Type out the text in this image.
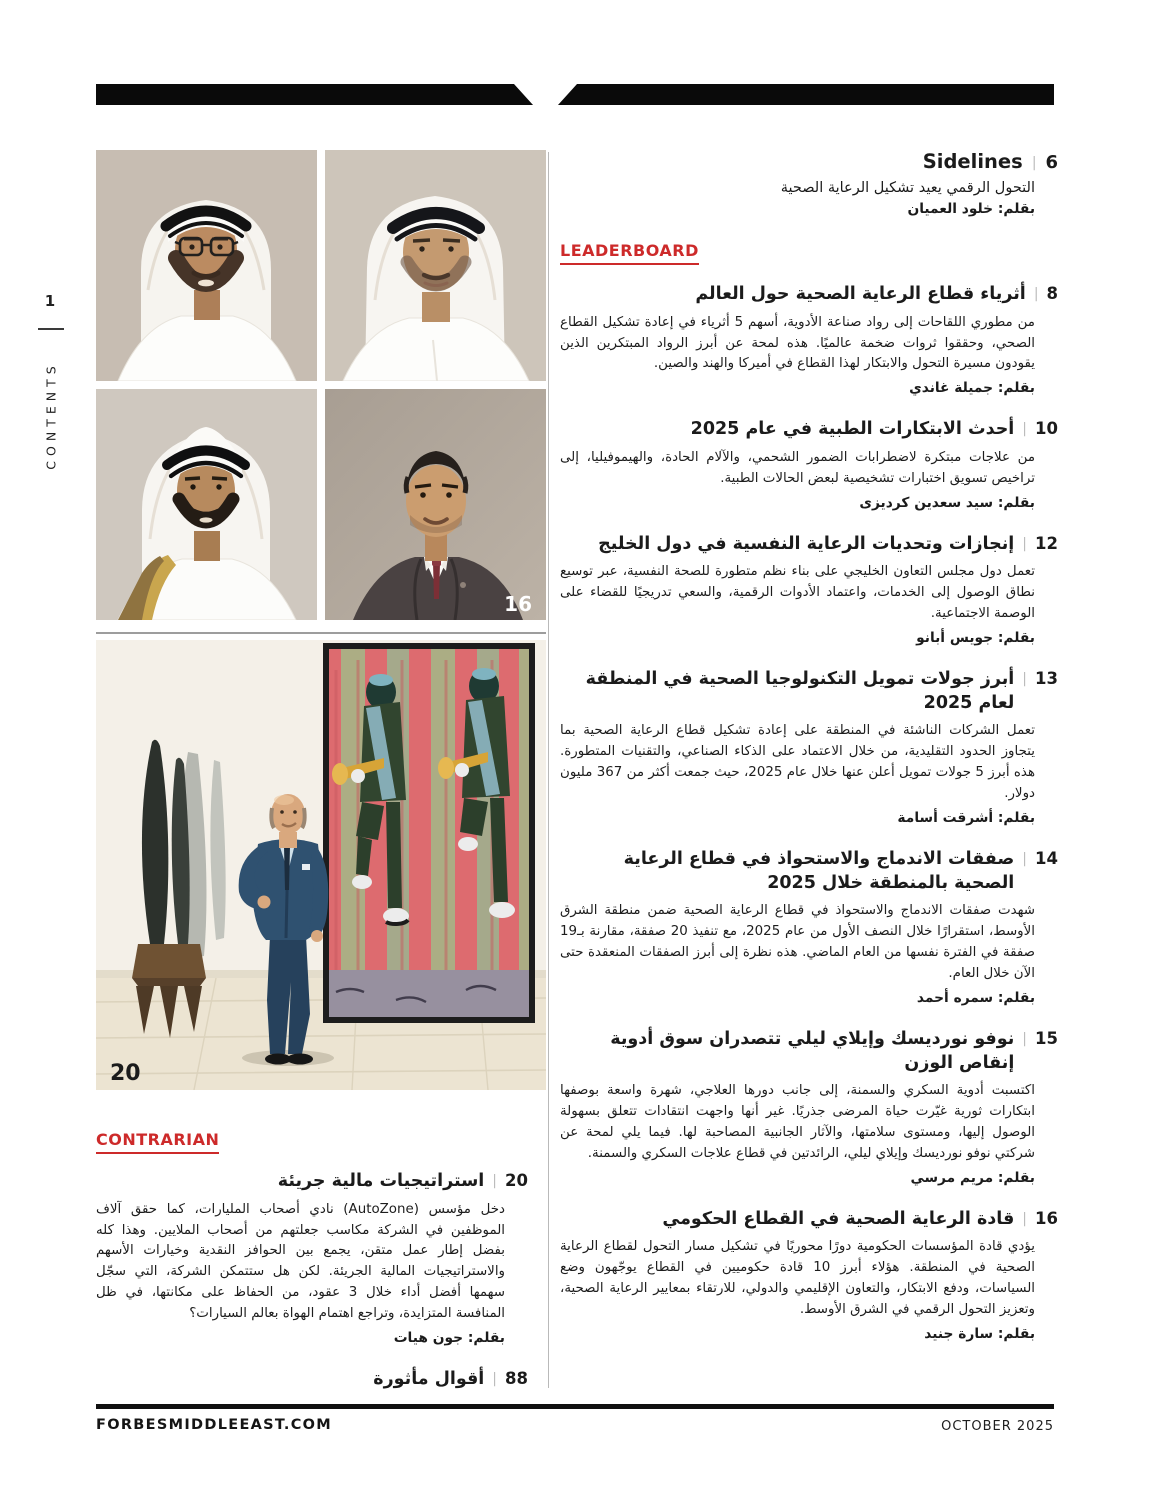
1
CONTENTS
16
20
CONTRARIAN
20
|
استراتيجيات مالية جريئة

دخل مؤسس (AutoZone) نادي أصحاب المليارات، كما حقق آلاف الموظفين في الشركة مكاسب جعلتهم من أصحاب الملايين. وهذا كله بفضل إطار عمل متقن، يجمع بين الحوافز النقدية وخيارات الأسهم والاستراتيجيات المالية الجريئة. لكن هل ستتمكن الشركة، التي سجّل سهمها أفضل أداء خلال 3 عقود، من الحفاظ على مكانتها، في ظل المنافسة المتزايدة، وتراجع اهتمام الهواة بعالم السيارات؟

بقلم: جون هيات

88
|
أقوال مأثورة
6
|
Sidelines

التحول الرقمي يعيد تشكيل الرعاية الصحية

بقلم: خلود العميان

LEADERBOARD
8
|
أثرياء قطاع الرعاية الصحية حول العالم

من مطوري اللقاحات إلى رواد صناعة الأدوية، أسهم 5 أثرياء في إعادة تشكيل القطاع الصحي، وحققوا ثروات ضخمة عالميًا. هذه لمحة عن أبرز الرواد المبتكرين الذين يقودون مسيرة التحول والابتكار لهذا القطاع في أميركا والهند والصين.

بقلم: جميلة غاندي

10
|
أحدث الابتكارات الطبية في عام 2025

من علاجات مبتكرة لاضطرابات الضمور الشحمي، والآلام الحادة، والهيموفيليا، إلى تراخيص تسويق اختبارات تشخيصية لبعض الحالات الطبية.

بقلم: سيد سعدين كرديزى

12
|
إنجازات وتحديات الرعاية النفسية في دول الخليج

تعمل دول مجلس التعاون الخليجي على بناء نظم متطورة للصحة النفسية، عبر توسيع نطاق الوصول إلى الخدمات، واعتماد الأدوات الرقمية، والسعي تدريجيًا للقضاء على الوصمة الاجتماعية.

بقلم: جويس أبانو

13
|
أبرز جولات تمويل التكنولوجيا الصحية في المنطقة لعام 2025

تعمل الشركات الناشئة في المنطقة على إعادة تشكيل قطاع الرعاية الصحية بما يتجاوز الحدود التقليدية، من خلال الاعتماد على الذكاء الصناعي، والتقنيات المتطورة. هذه أبرز 5 جولات تمويل أعلن عنها خلال عام 2025، حيث جمعت أكثر من 367 مليون دولار.

بقلم: أشرقت أسامة

14
|
صفقات الاندماج والاستحواذ في قطاع الرعاية الصحية بالمنطقة خلال 2025

شهدت صفقات الاندماج والاستحواذ في قطاع الرعاية الصحية ضمن منطقة الشرق الأوسط، استقرارًا خلال النصف الأول من عام 2025، مع تنفيذ 20 صفقة، مقارنة بـ19 صفقة في الفترة نفسها من العام الماضي. هذه نظرة إلى أبرز الصفقات المنعقدة حتى الآن خلال العام.

بقلم: سمره أحمد

15
|
نوفو نورديسك وإيلاي ليلي تتصدران سوق أدوية إنقاص الوزن

اكتسبت أدوية السكري والسمنة، إلى جانب دورها العلاجي، شهرة واسعة بوصفها ابتكارات ثورية غيّرت حياة المرضى جذريًا. غير أنها واجهت انتقادات تتعلق بسهولة الوصول إليها، ومستوى سلامتها، والآثار الجانبية المصاحبة لها. فيما يلي لمحة عن شركتي نوفو نورديسك وإيلاي ليلي، الرائدتين في قطاع علاجات السكري والسمنة.

بقلم: مريم مرسي

16
|
قادة الرعاية الصحية في القطاع الحكومي

يؤدي قادة المؤسسات الحكومية دورًا محوريًا في تشكيل مسار التحول لقطاع الرعاية الصحية في المنطقة. هؤلاء أبرز 10 قادة حكوميين في القطاع يوجّهون وضع السياسات، ودفع الابتكار، والتعاون الإقليمي والدولي، للارتقاء بمعايير الرعاية الصحية، وتعزيز التحول الرقمي في الشرق الأوسط.

بقلم: سارة جنيد

FORBESMIDDLEEAST.COM	OCTOBER 2025
